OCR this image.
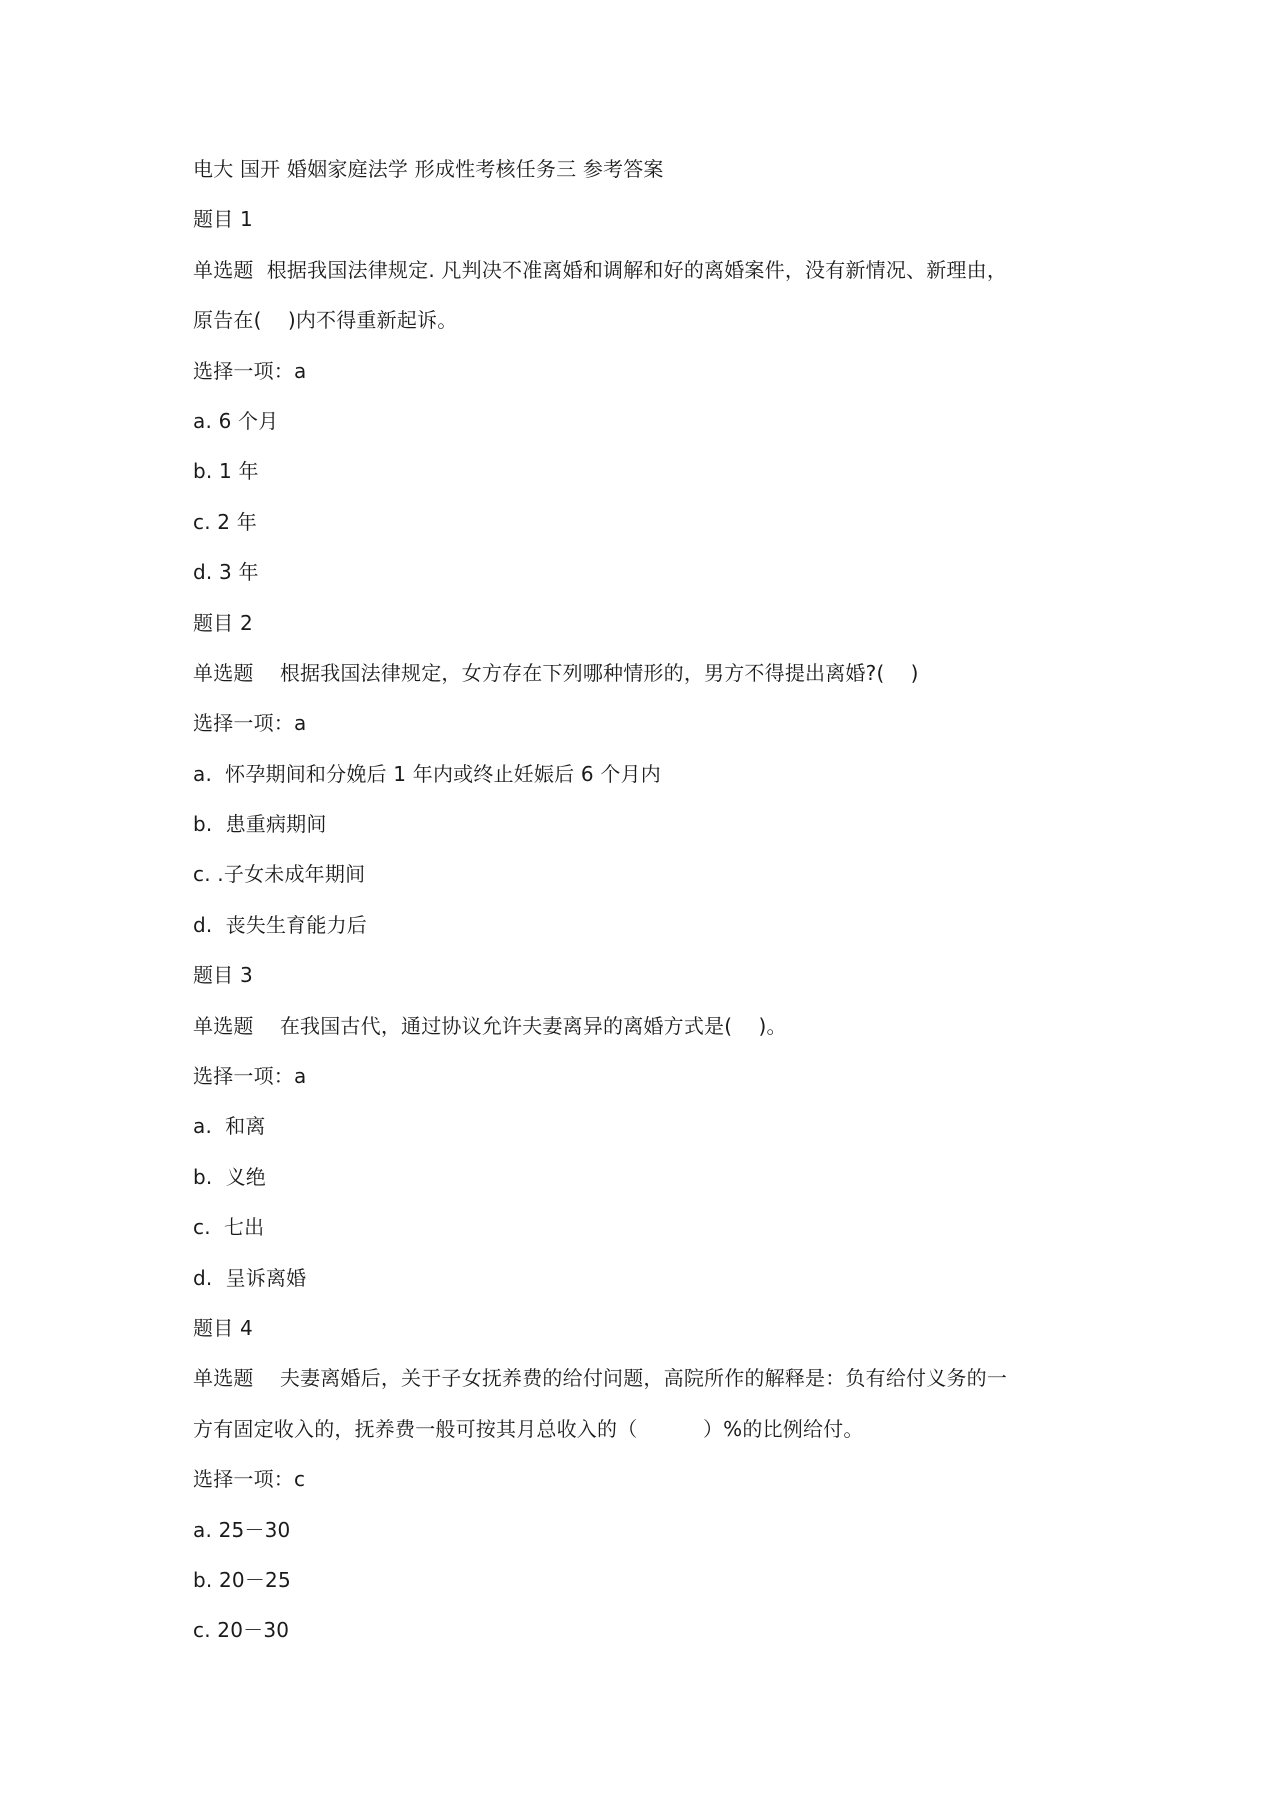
电大 国开 婚姻家庭法学 形成性考核任务三 参考答案
题目 1
单选题  根据我国法律规定. 凡判决不准离婚和调解和好的离婚案件，没有新情况、新理由，
原告在(    )内不得重新起诉。
选择一项：a
a. 6 个月
b. 1 年
c. 2 年
d. 3 年
题目 2
单选题    根据我国法律规定，女方存在下列哪种情形的，男方不得提出离婚?(    )
选择一项：a
a.  怀孕期间和分娩后 1 年内或终止妊娠后 6 个月内
b.  患重病期间
c. .子女未成年期间
d.  丧失生育能力后
题目 3
单选题    在我国古代，通过协议允许夫妻离异的离婚方式是(    )。
选择一项：a
a.  和离
b.  义绝
c.  七出
d.  呈诉离婚
题目 4
单选题    夫妻离婚后，关于子女抚养费的给付问题，高院所作的解释是：负有给付义务的一
方有固定收入的，抚养费一般可按其月总收入的（          ）%的比例给付。
选择一项：c
a. 25－30
b. 20－25
c. 20－30
